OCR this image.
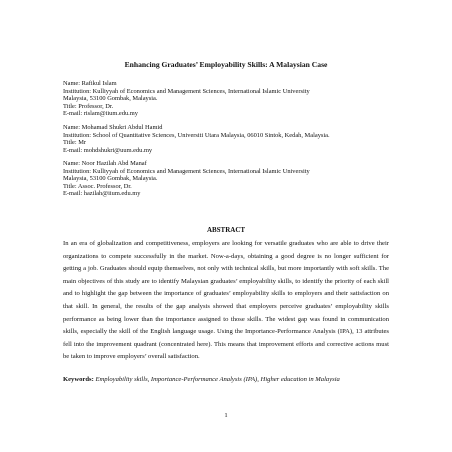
Enhancing Graduates’ Employability Skills: A Malaysian Case
Name: Rafikul Islam
Institution: Kulliyyah of Economics and Management Sciences, International Islamic University
Malaysia, 53100 Gombak, Malaysia.
Title: Professor, Dr.
E-mail: rislam@iium.edu.my
Name: Mohamad Shukri Abdul Hamid
Institution: School of Quantitative Sciences, Universiti Utara Malaysia, 06010 Sintok, Kedah, Malaysia.
Title: Mr
E-mail: mohdshukri@uum.edu.my
Name: Noor Hazilah Abd Manaf
Institution: Kulliyyah of Economics and Management Sciences, International Islamic University
Malaysia, 53100 Gombak, Malaysia.
Title: Assoc. Professor, Dr.
E-mail: hazilah@iium.edu.my
ABSTRACT

In an era of globalization and competitiveness, employers are looking for versatile graduates who are able to drive their organizations to compete successfully in the market. Now-a-days, obtaining a good degree is no longer sufficient for getting a job. Graduates should equip themselves, not only with technical skills, but more importantly with soft skills. The main objectives of this study are to identify Malaysian graduates’ employability skills, to identify the priority of each skill and to highlight the gap between the importance of graduates’ employability skills to employers and their satisfaction on that skill. In general, the results of the gap analysis showed that employers perceive graduates’ employability skills performance as being lower than the importance assigned to those skills. The widest gap was found in communication skills, especially the skill of the English language usage. Using the Importance-Performance Analysis (IPA), 13 attributes fell into the improvement quadrant (concentrated here). This means that improvement efforts and corrective actions must be taken to improve employers’ overall satisfaction.

Keywords: Employability skills, Importance-Performance Analysis (IPA), Higher education in Malaysia
1
